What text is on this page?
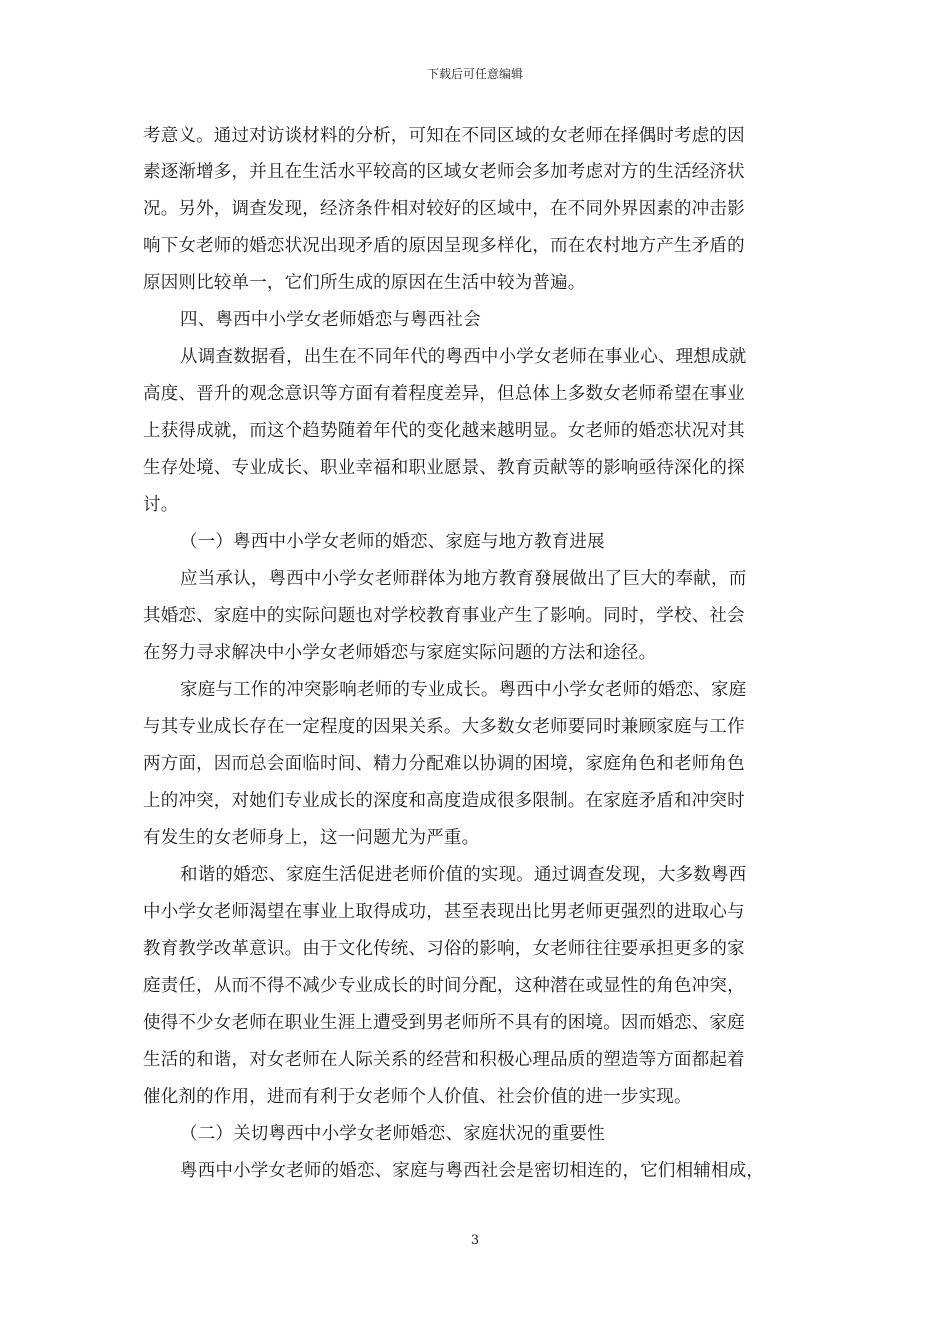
下载后可任意编辑
考意义。通过对访谈材料的分析，可知在不同区域的女老师在择偶时考虑的因
素逐渐增多，并且在生活水平较高的区域女老师会多加考虑对方的生活经济状
况。另外，调查发现，经济条件相对较好的区域中，在不同外界因素的冲击影
响下女老师的婚恋状况出现矛盾的原因呈现多样化，而在农村地方产生矛盾的
原因则比较单一，它们所生成的原因在生活中较为普遍。
四、粤西中小学女老师婚恋与粤西社会
从调查数据看，出生在不同年代的粤西中小学女老师在事业心、理想成就
高度、晋升的观念意识等方面有着程度差异，但总体上多数女老师希望在事业
上获得成就，而这个趋势随着年代的变化越来越明显。女老师的婚恋状况对其
生存处境、专业成长、职业幸福和职业愿景、教育贡献等的影响亟待深化的探
讨。
（一）粤西中小学女老师的婚恋、家庭与地方教育进展
应当承认，粤西中小学女老师群体为地方教育發展做出了巨大的奉献，而
其婚恋、家庭中的实际问题也对学校教育事业产生了影响。同时，学校、社会
在努力寻求解决中小学女老师婚恋与家庭实际问题的方法和途径。
家庭与工作的冲突影响老师的专业成长。粤西中小学女老师的婚恋、家庭
与其专业成长存在一定程度的因果关系。大多数女老师要同时兼顾家庭与工作
两方面，因而总会面临时间、精力分配难以协调的困境，家庭角色和老师角色
上的冲突，对她们专业成长的深度和高度造成很多限制。在家庭矛盾和冲突时
有发生的女老师身上，这一问题尤为严重。
和谐的婚恋、家庭生活促进老师价值的实现。通过调查发现，大多数粤西
中小学女老师渴望在事业上取得成功，甚至表现出比男老师更强烈的进取心与
教育教学改革意识。由于文化传统、习俗的影响，女老师往往要承担更多的家
庭责任，从而不得不减少专业成长的时间分配，这种潜在或显性的角色冲突，
使得不少女老师在职业生涯上遭受到男老师所不具有的困境。因而婚恋、家庭
生活的和谐，对女老师在人际关系的经营和积极心理品质的塑造等方面都起着
催化剂的作用，进而有利于女老师个人价值、社会价值的进一步实现。
（二）关切粤西中小学女老师婚恋、家庭状况的重要性
粤西中小学女老师的婚恋、家庭与粤西社会是密切相连的，它们相辅相成，
3
